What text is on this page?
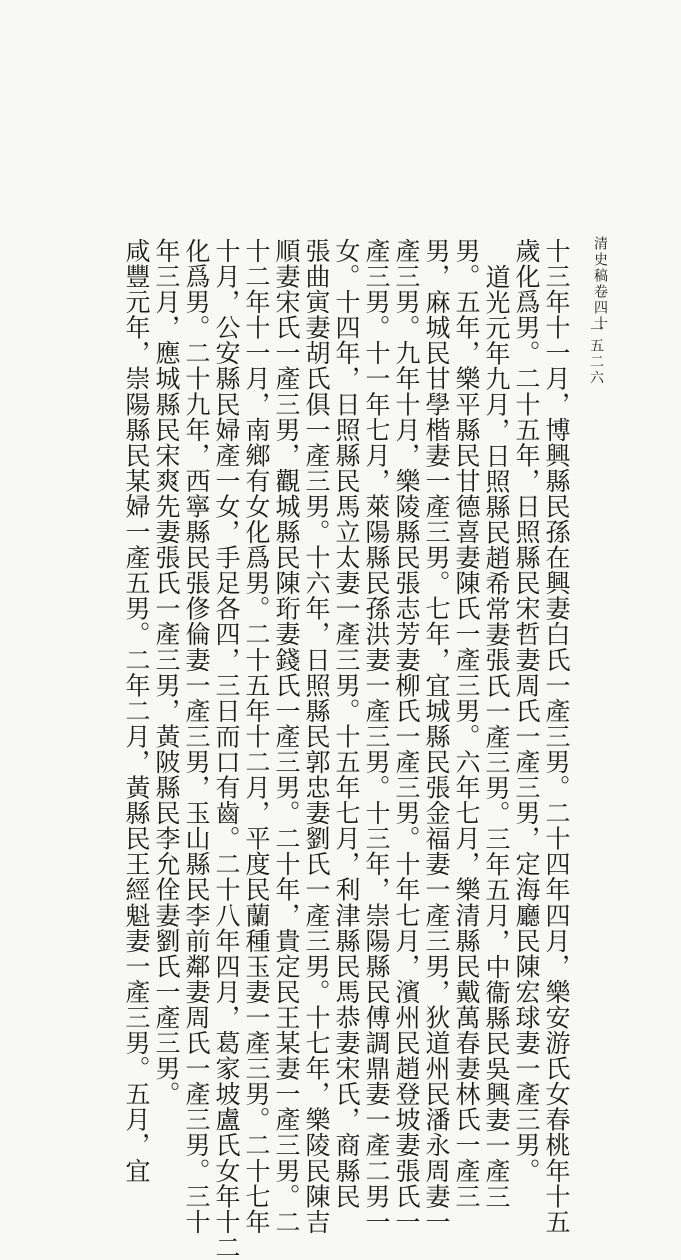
清史稿卷四十
一五二六
十三年十一月，博興縣民孫在興妻白氏一產三男。二十四年四月，樂安游氏女春桃年十五
歲化爲男。二十五年，日照縣民宋哲妻周氏一產三男，定海廳民陳宏球妻一產三男。
道光元年九月，日照縣民趙希常妻張氏一產三男。三年五月，中衞縣民吳興妻一產三
男。五年，樂平縣民甘德喜妻陳氏一產三男。六年七月，樂清縣民戴萬春妻林氏一產三
男，麻城民甘學楷妻一產三男。七年，宜城縣民張金福妻一產三男，狄道州民潘永周妻一
產三男。九年十月，樂陵縣民張志芳妻柳氏一產三男。十年七月，濱州民趙登坡妻張氏一
產三男。十一年七月，萊陽縣民孫洪妻一產三男。十三年，崇陽縣民傅調鼎妻一產二男一
女。十四年，日照縣民馬立太妻一產三男。十五年七月，利津縣民馬恭妻宋氏，商縣民
張曲寅妻胡氏俱一產三男。十六年，日照縣民郭忠妻劉氏一產三男。十七年，樂陵民陳吉
順妻宋氏一產三男，觀城縣民陳珩妻錢氏一產三男。二十年，貴定民王某妻一產三男。二
十二年十一月，南鄉有女化爲男。二十五年十二月，平度民蘭種玉妻一產三男。二十七年
十月，公安縣民婦產一女，手足各四，三日而口有齒。二十八年四月，葛家坡盧氏女年十二
化爲男。二十九年，西寧縣民張俢倫妻一產三男，玉山縣民李前鄰妻周氏一產三男。三十
年三月，應城縣民宋爽先妻張氏一產三男，黃陂縣民李允佺妻劉氏一產三男。
咸豐元年，崇陽縣民某婦一產五男。二年二月，黃縣民王經魁妻一產三男。五月，宜
